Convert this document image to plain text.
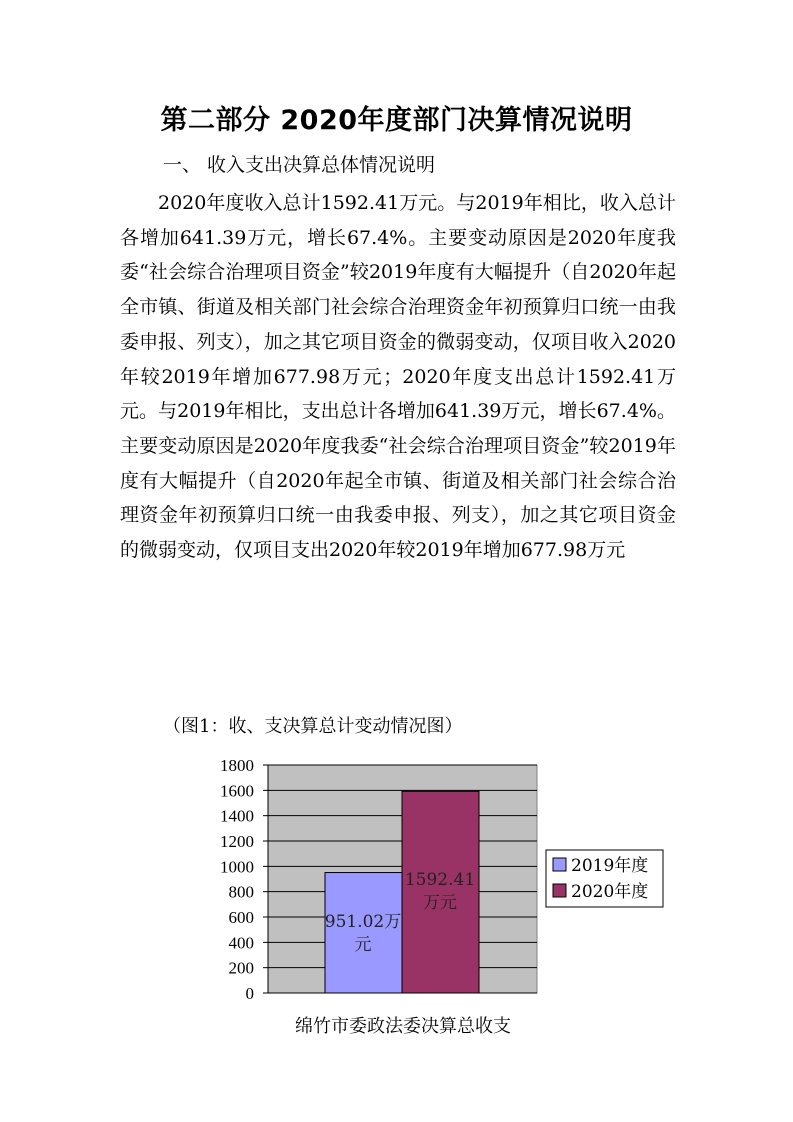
第二部分 2020年度部门决算情况说明
一、 收入支出决算总体情况说明

2020年度收入总计1592.41万元。与2019年相比，收入总计各增加641.39万元，增长67.4%。主要变动原因是2020年度我委“社会综合治理项目资金”较2019年度有大幅提升（自2020年起全市镇、街道及相关部门社会综合治理资金年初预算归口统一由我委申报、列支），加之其它项目资金的微弱变动，仅项目收入2020年较2019年增加677.98万元；2020年度支出总计1592.41万元。与2019年相比，支出总计各增加641.39万元，增长67.4%。主要变动原因是2020年度我委“社会综合治理项目资金”较2019年度有大幅提升（自2020年起全市镇、街道及相关部门社会综合治理资金年初预算归口统一由我委申报、列支），加之其它项目资金的微弱变动，仅项目支出2020年较2019年增加677.98万元

（图1：收、支决算总计变动情况图）
0
200
400
600
800
1000
1200
1400
1600
1800
951.02万元
1592.41 万元
绵竹市委政法委决算总收支
2019年度
2020年度
